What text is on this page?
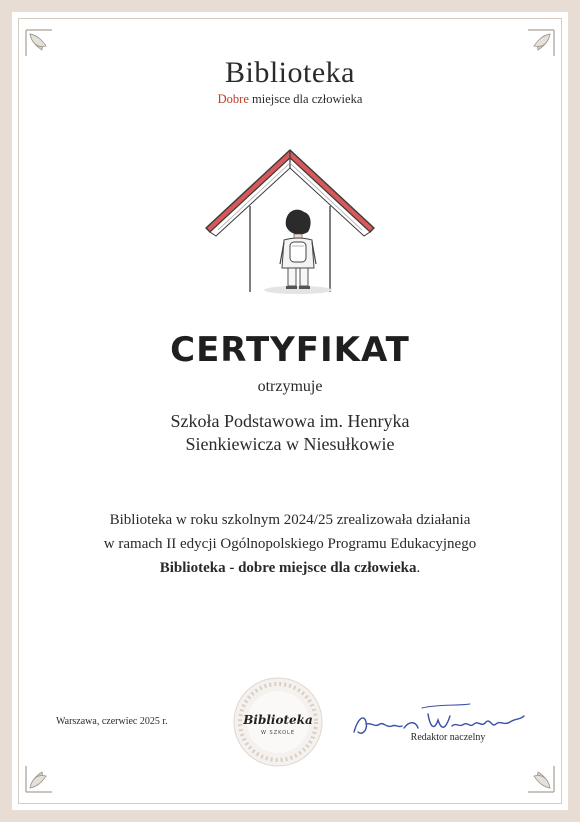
Biblioteka
Dobre miejsce dla człowieka
CERTYFIKAT
otrzymuje
Szkoła Podstawowa im. Henryka
Sienkiewicza w Niesułkowie
Biblioteka w roku szkolnym 2024/25 zrealizowała działania
w ramach II edycji Ogólnopolskiego Programu Edukacyjnego
Biblioteka - dobre miejsce dla człowieka.
Warszawa, czerwiec 2025 r.	Biblioteka
W SZKOLE	Redaktor naczelny
